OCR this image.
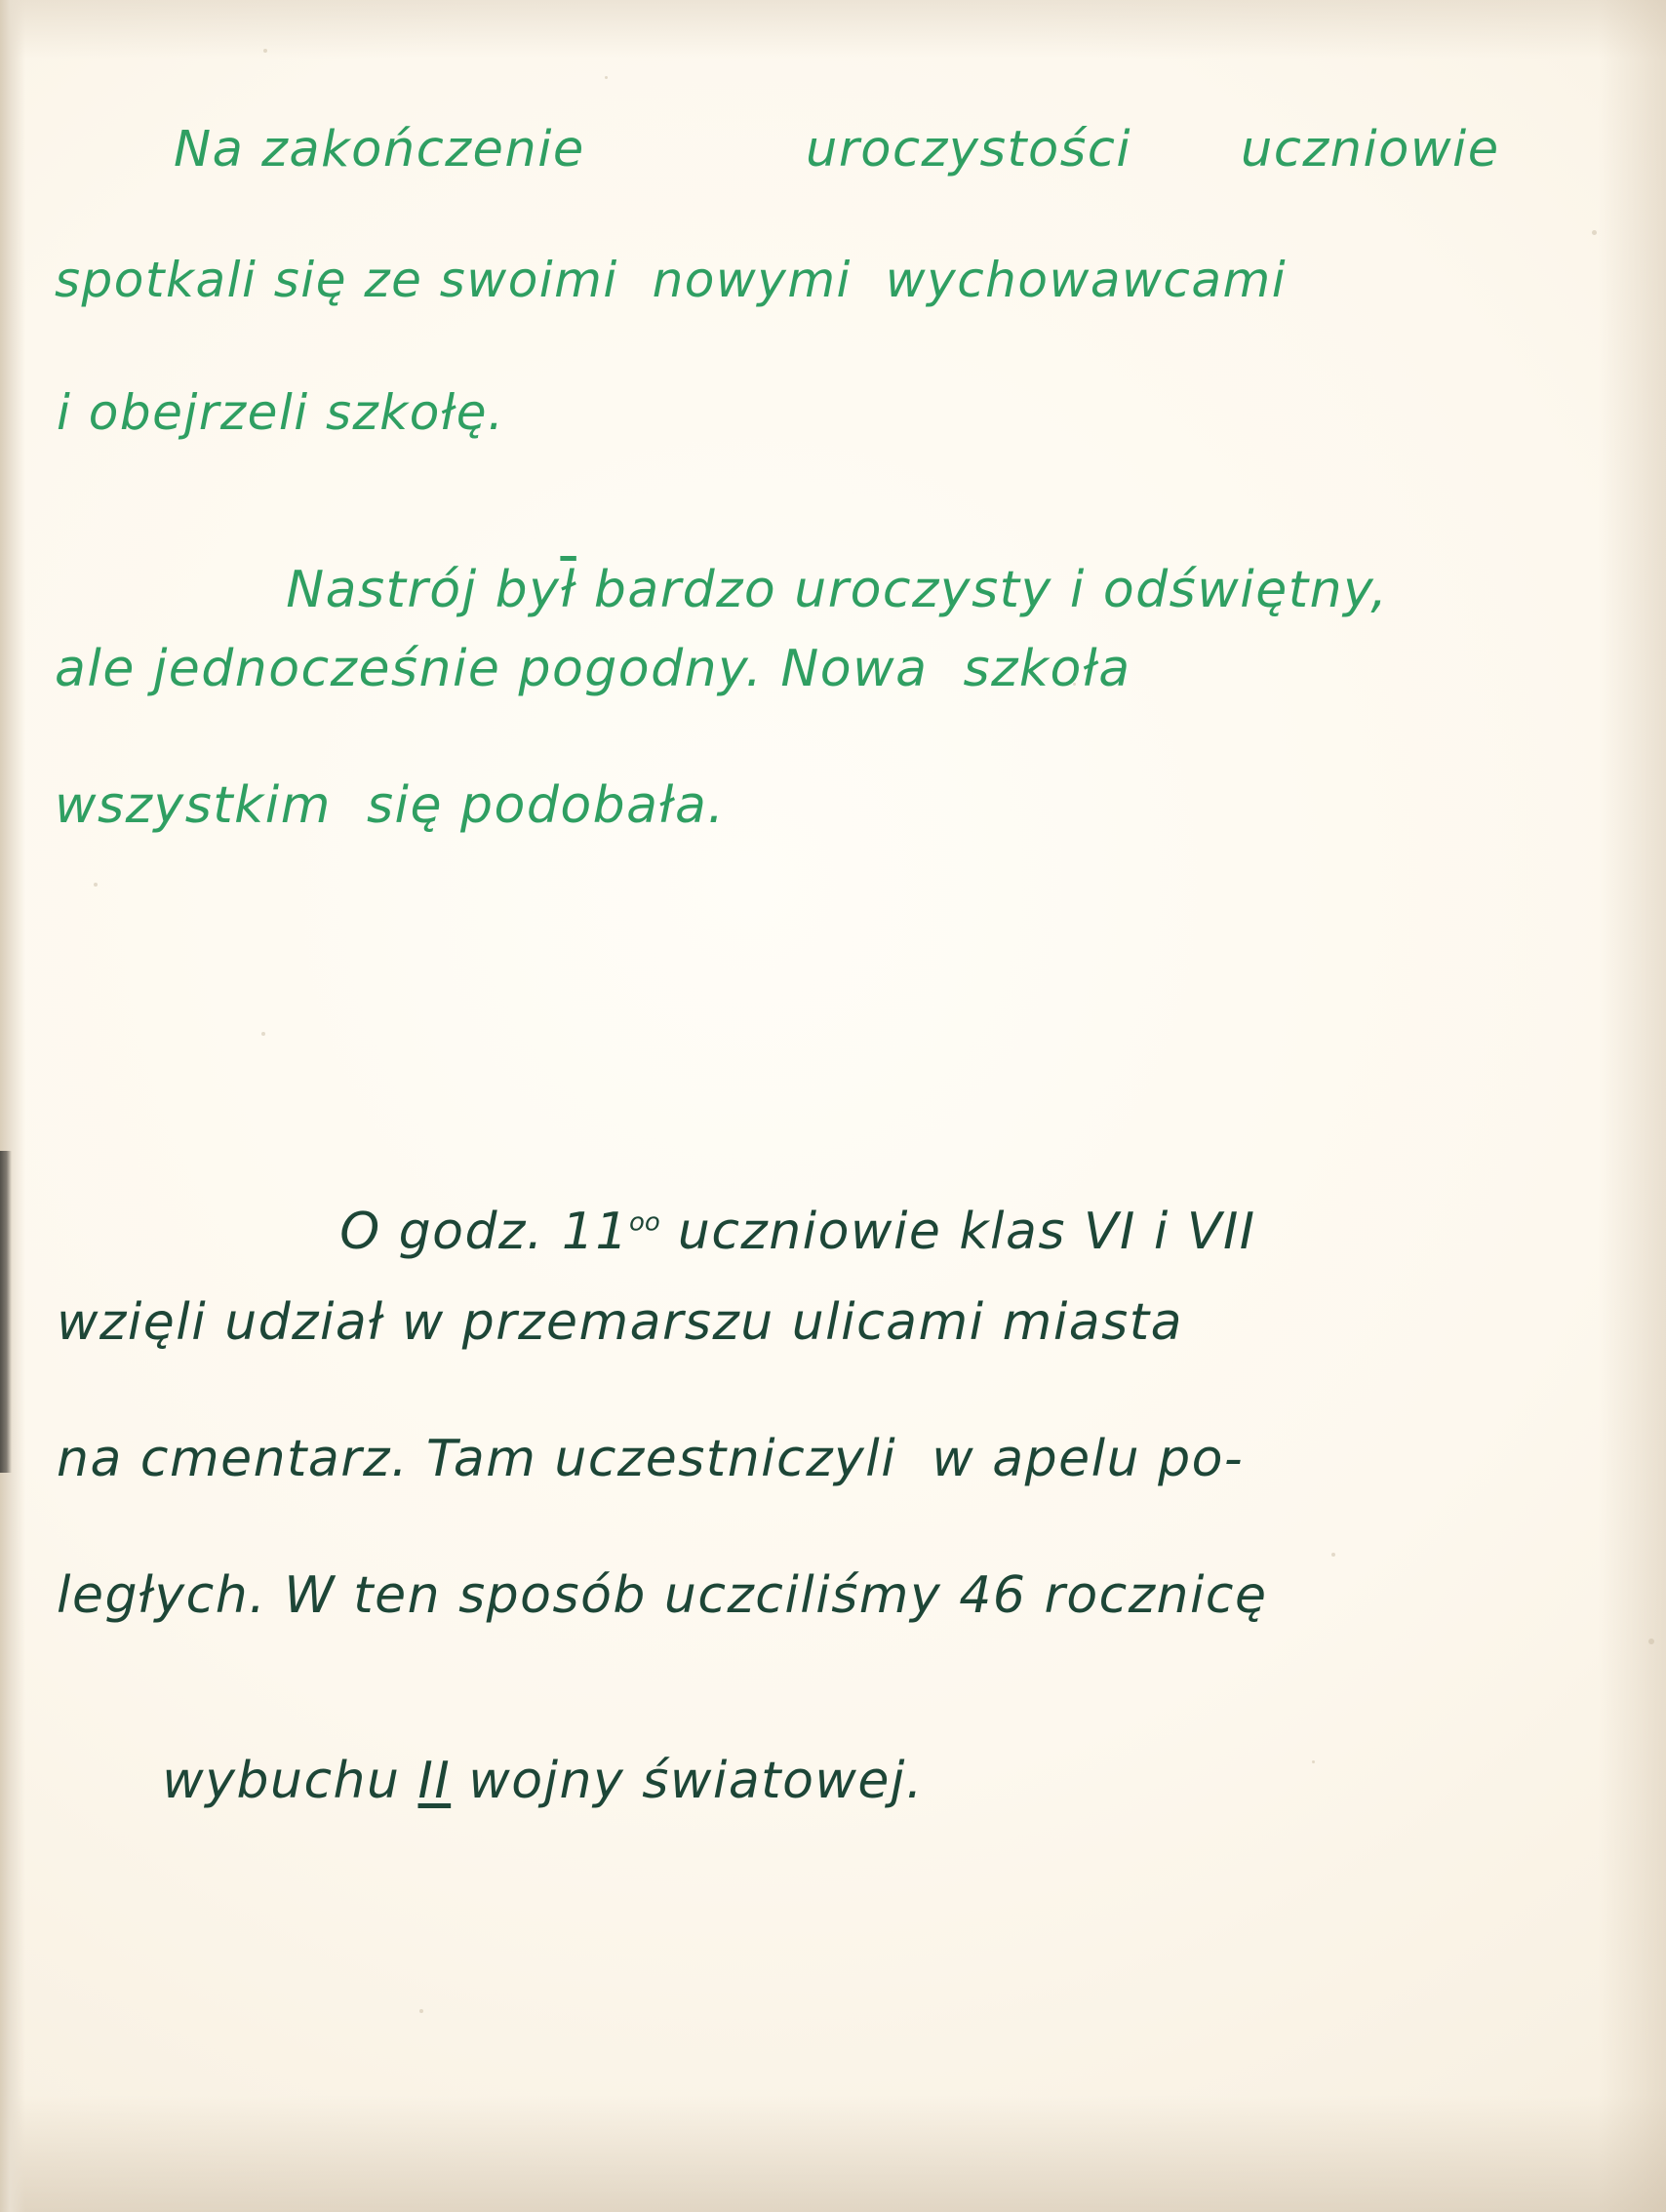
Na zakończenie	uroczystości uczniowie
spotkali się ze swoimi  nowymi  wychowawcami
i obejrzeli szkołę.

Nastrój $by\overline{ł}$ bardzo uroczysty i odświętny,

ale jednocześnie pogodny. Nowa  szkoła
wszystkim  się podobała.

O godz. $11^{oo}$ uczniowie klas VI i VII

wzięli udział w przemarszu ulicami miasta
na cmentarz. Tam uczestniczyli  w apelu po-
ległych. W ten sposób uczciliśmy 46 rocznicę

wybuchu II wojny światowej.
